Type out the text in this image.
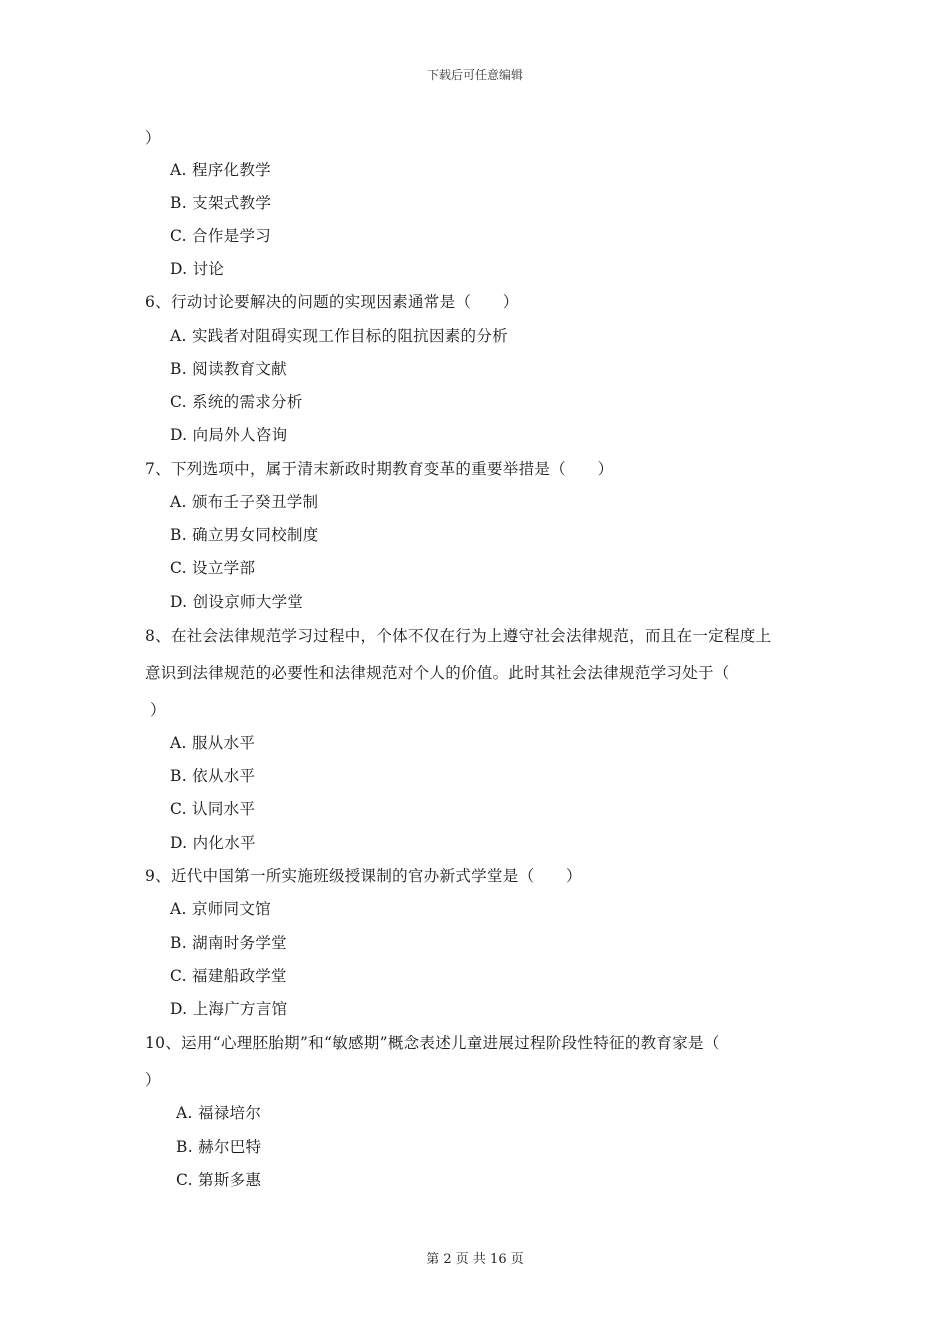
下载后可任意编辑
）
A. 程序化教学
B. 支架式教学
C. 合作是学习
D. 讨论
6、行动讨论要解决的问题的实现因素通常是（　　）
A. 实践者对阻碍实现工作目标的阻抗因素的分析
B. 阅读教育文献
C. 系统的需求分析
D. 向局外人咨询
7、下列选项中，属于清末新政时期教育变革的重要举措是（　　）
A. 颁布壬子癸丑学制
B. 确立男女同校制度
C. 设立学部
D. 创设京师大学堂
8、在社会法律规范学习过程中，个体不仅在行为上遵守社会法律规范，而且在一定程度上
意识到法律规范的必要性和法律规范对个人的价值。此时其社会法律规范学习处于（
）
A. 服从水平
B. 依从水平
C. 认同水平
D. 内化水平
9、近代中国第一所实施班级授课制的官办新式学堂是（　　）
A. 京师同文馆
B. 湖南时务学堂
C. 福建船政学堂
D. 上海广方言馆
10、运用“心理胚胎期”和“敏感期”概念表述儿童进展过程阶段性特征的教育家是（
）
A. 福禄培尔
B. 赫尔巴特
C. 第斯多惠
第 2 页 共 16 页
